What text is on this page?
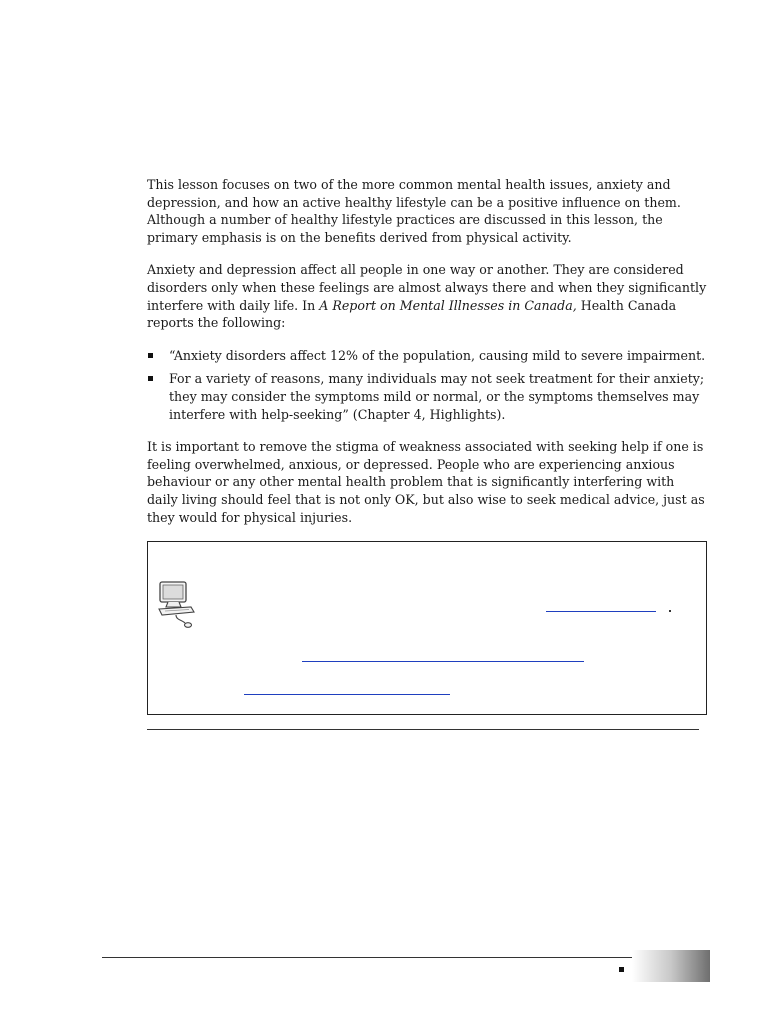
This lesson focuses on two of the more common mental health issues, anxiety and depression, and how an active healthy lifestyle can be a positive influence on them. Although a number of healthy lifestyle practices are discussed in this lesson, the primary emphasis is on the benefits derived from physical activity.

Anxiety and depression affect all people in one way or another. They are considered disorders only when these feelings are almost always there and when they significantly interfere with daily life. In A Report on Mental Illnesses in Canada, Health Canada reports the following:

“Anxiety disorders affect 12% of the population, causing mild to severe impairment.
For a variety of reasons, many individuals may not seek treatment for their anxiety; they may consider the symptoms mild or normal, or the symptoms themselves may interfere with help-seeking” (Chapter 4, Highlights).

It is important to remove the stigma of weakness associated with seeking help if one is feeling overwhelmed, anxious, or depressed. People who are experiencing anxious behaviour or any other mental health problem that is significantly interfering with daily living should feel that is not only OK, but also wise to seek medical advice, just as they would for physical injuries.
